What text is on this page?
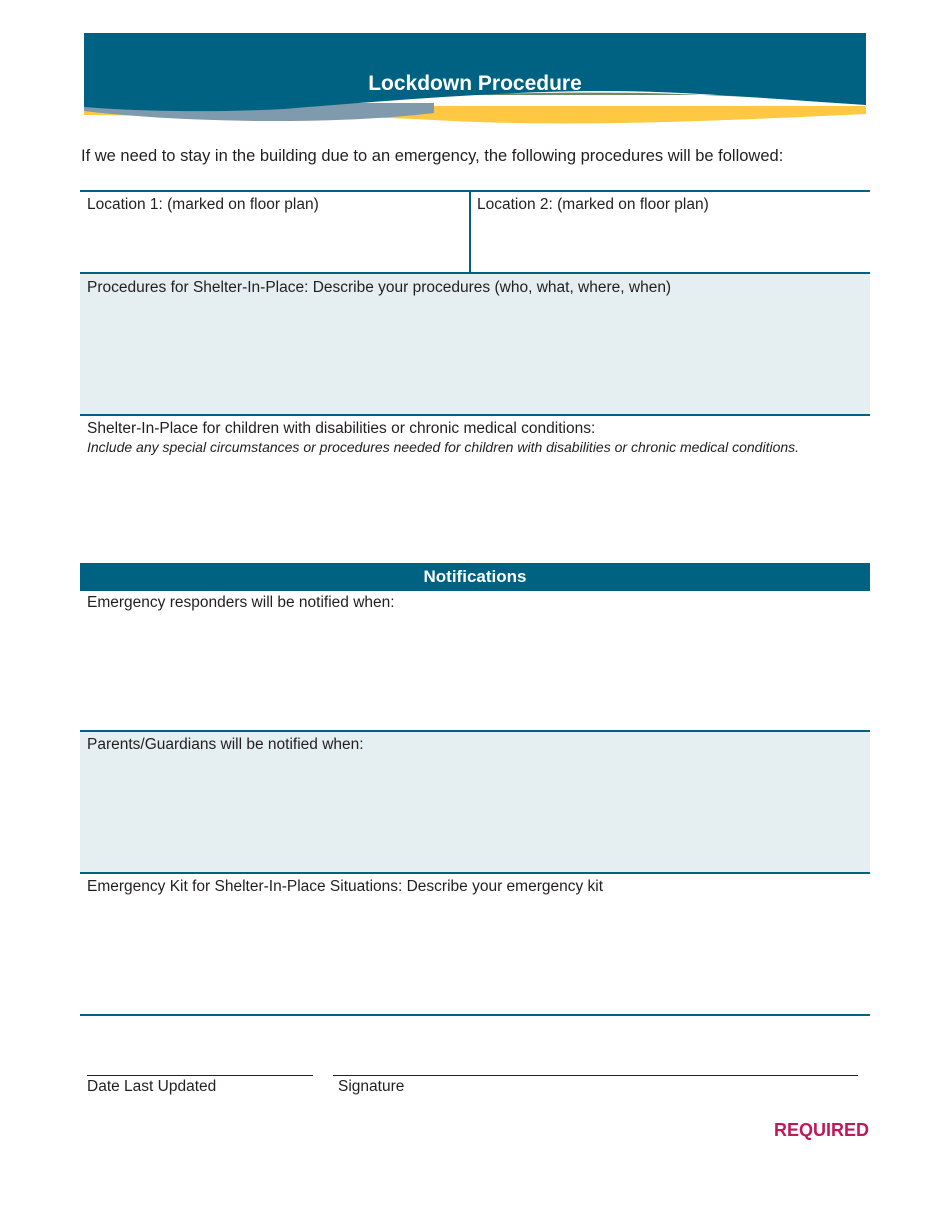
Lockdown Procedure
If we need to stay in the building due to an emergency, the following procedures will be followed:
Location 1: (marked on floor plan)	Location 2: (marked on floor plan)
Procedures for Shelter-In-Place: Describe your procedures (who, what, where, when)
Shelter-In-Place for children with disabilities or chronic medical conditions:
Include any special circumstances or procedures needed for children with disabilities or chronic medical conditions.
Notifications
Emergency responders will be notified when:
Parents/Guardians will be notified when:
Emergency Kit for Shelter-In-Place Situations: Describe your emergency kit
Date Last Updated	Signature
REQUIRED
